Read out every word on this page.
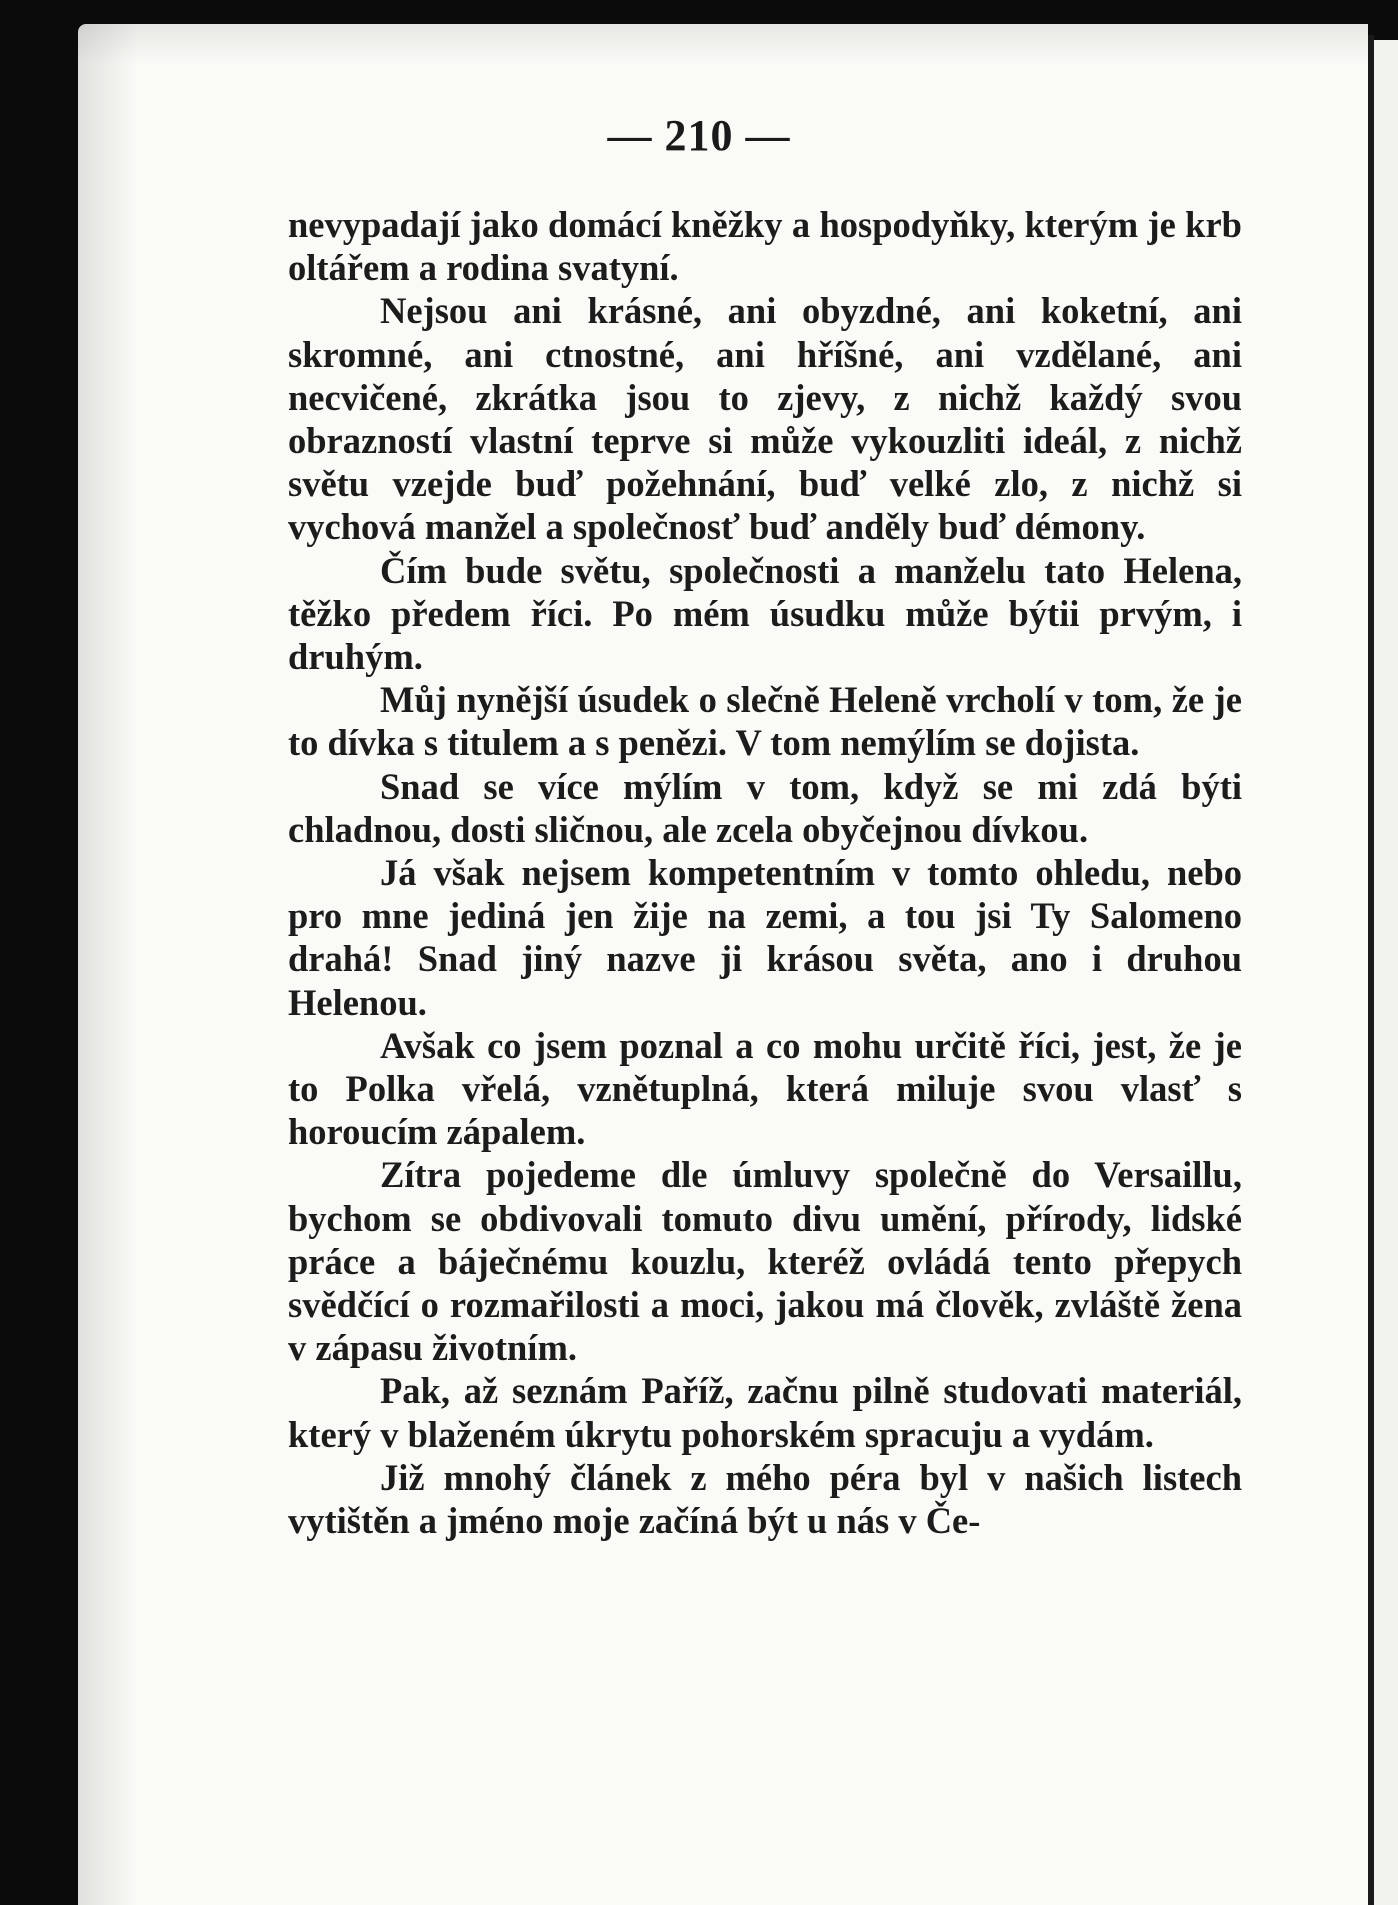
— 210 —

nevypadají jako domácí kněžky a hospodyňky, kterým je krb oltářem a rodina svatyní.

Nejsou ani krásné, ani obyzdné, ani koketní, ani skromné, ani ctnostné, ani hříšné, ani vzdělané, ani necvičené, zkrátka jsou to zjevy, z nichž každý svou obrazností vlastní teprve si může vykouzliti ideál, z nichž světu vzejde buď požehnání, buď velké zlo, z nichž si vychová manžel a společnosť buď anděly buď démony.

Čím bude světu, společnosti a manželu tato Helena, těžko předem říci. Po mém úsudku může býtii prvým, i druhým.

Můj nynější úsudek o slečně Heleně vrcholí v tom, že je to dívka s titulem a s penězi. V tom nemýlím se dojista.

Snad se více mýlím v tom, když se mi zdá býti chladnou, dosti sličnou, ale zcela obyčejnou dívkou.

Já však nejsem kompetentním v tomto ohledu, nebo pro mne jediná jen žije na zemi, a tou jsi Ty Salomeno drahá! Snad jiný nazve ji krásou světa, ano i druhou Helenou.

Avšak co jsem poznal a co mohu určitě říci, jest, že je to Polka vřelá, vznětuplná, která miluje svou vlasť s horoucím zápalem.

Zítra pojedeme dle úmluvy společně do Versaillu, bychom se obdivovali tomuto divu umění, přírody, lidské práce a báječnému kouzlu, kteréž ovládá tento přepych svědčící o rozmařilosti a moci, jakou má člověk, zvláště žena v zápasu životním.

Pak, až seznám Paříž, začnu pilně studovati materiál, který v blaženém úkrytu pohorském spracuju a vydám.

Již mnohý článek z mého péra byl v našich listech vytištěn a jméno moje začíná být u nás v Če-
